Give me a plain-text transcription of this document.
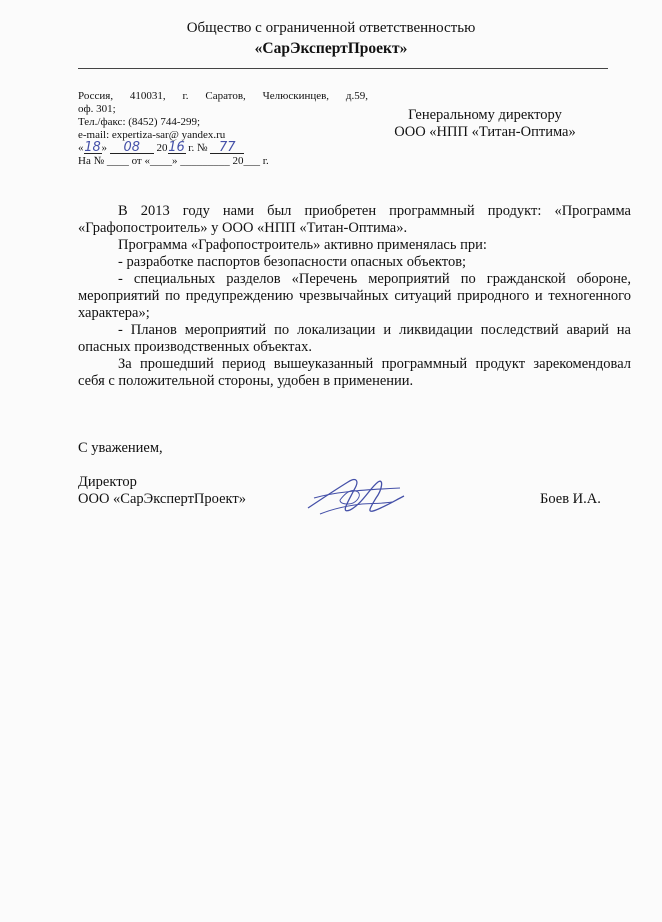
Общество с ограниченной ответственностью
«СарЭкспертПроект»
Россия, 410031, г. Саратов, Челюскинцев, д.59,
оф. 301;
Тел./факс: (8452) 744-299;
e-mail: expertiza-sar@ yandex.ru
«18» 08 2016 г. № 77
На № ____ от «____» _________ 20___ г.
Генеральному директору
ООО «НПП «Титан-Оптима»

В 2013 году нами был приобретен программный продукт: «Программа «Графопостроитель» у ООО «НПП «Титан-Оптима».

Программа «Графопостроитель» активно применялась при:

- разработке паспортов безопасности опасных объектов;

- специальных разделов «Перечень мероприятий по гражданской обороне, мероприятий по предупреждению чрезвычайных ситуаций природного и техногенного характера»;

- Планов мероприятий по локализации и ликвидации последствий аварий на опасных производственных объектах.

За прошедший период вышеуказанный программный продукт зарекомендовал себя с положительной стороны, удобен в применении.

С уважением,
Директор
ООО «СарЭкспертПроект»	Боев И.А.
